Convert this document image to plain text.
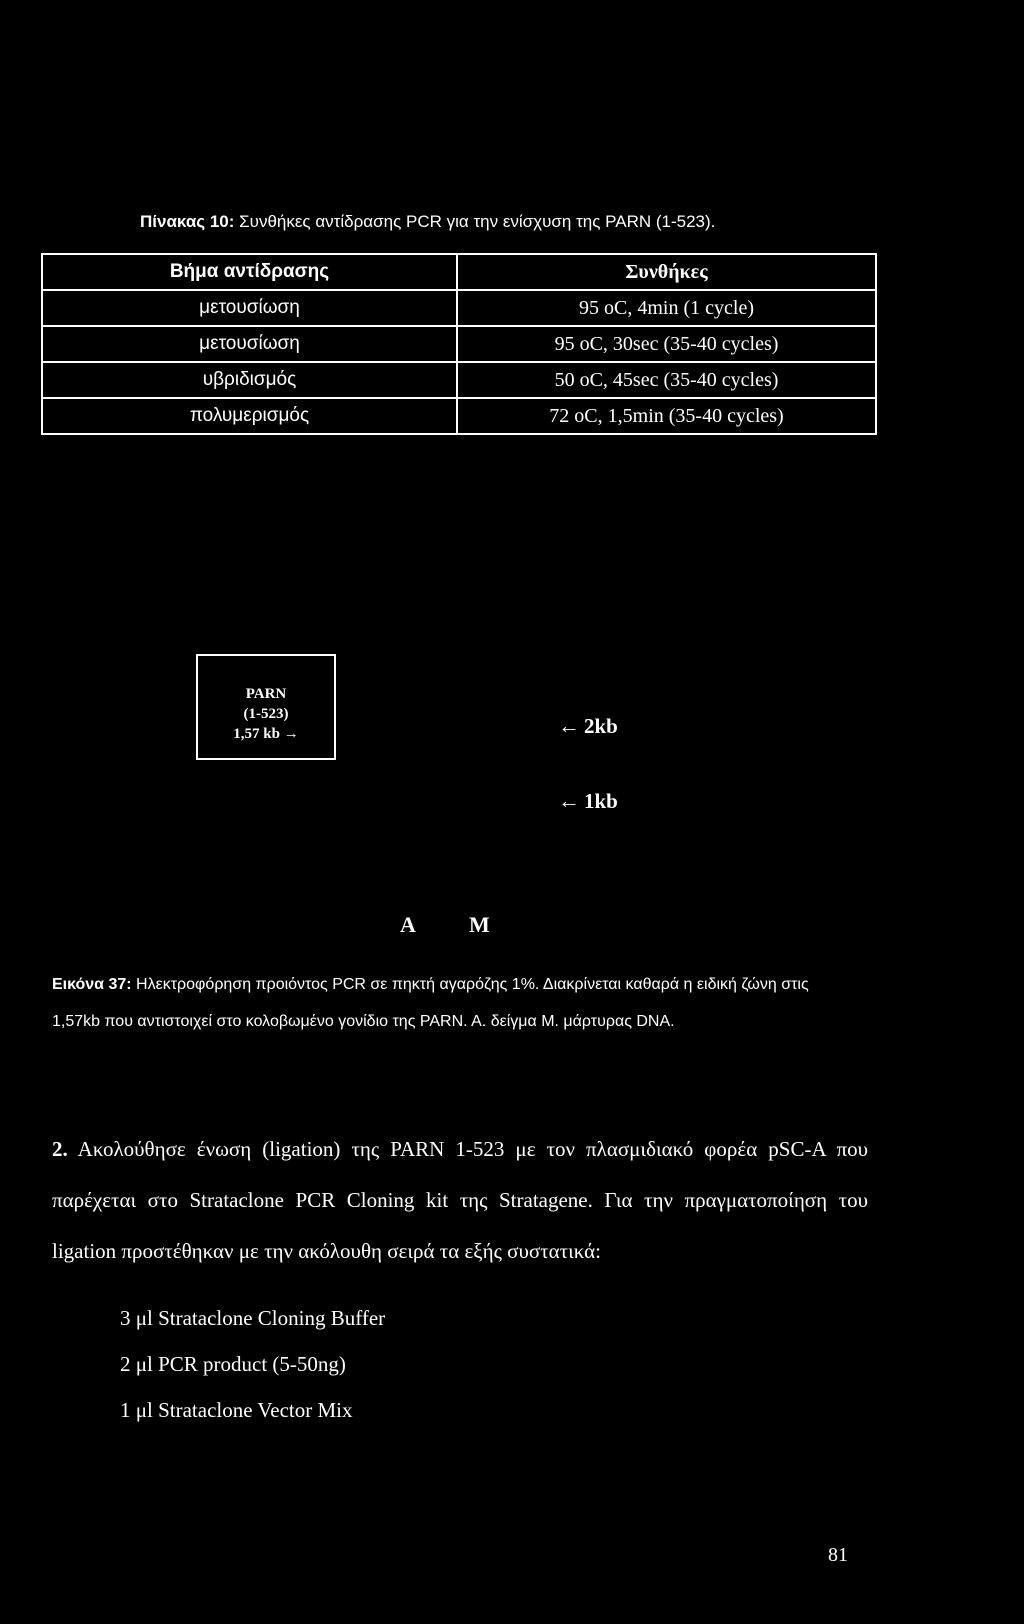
Πίνακας 10: Συνθήκες αντίδρασης PCR για την ενίσχυση της PARN (1-523).
Βήμα αντίδρασης	Συνθήκες
μετουσίωση	95 oC, 4min (1 cycle)
μετουσίωση	95 oC, 30sec (35-40 cycles)
υβριδισμός	50 oC, 45sec (35-40 cycles)
πολυμερισμός	72 oC, 1,5min (35-40 cycles)
PARN
(1-523)
1,57 kb →	← 2kb
← 1kb
A M
Εικόνα 37: Ηλεκτροφόρηση προιόντος PCR σε πηκτή αγαρόζης 1%. Διακρίνεται καθαρά η ειδική ζώνη στις 1,57kb που αντιστοιχεί στο κολοβωμένο γονίδιο της PARN. A. δείγμα M. μάρτυρας DNA.
2. Ακολούθησε ένωση (ligation) της PARN 1-523 με τον πλασμιδιακό φορέα pSC-A που παρέχεται στο Strataclone PCR Cloning kit της Stratagene. Για την πραγματοποίηση του ligation προστέθηκαν με την ακόλουθη σειρά τα εξής συστατικά:
3 μl Strataclone Cloning Buffer
2 μl PCR product (5-50ng)
1 μl Strataclone Vector Mix
81
